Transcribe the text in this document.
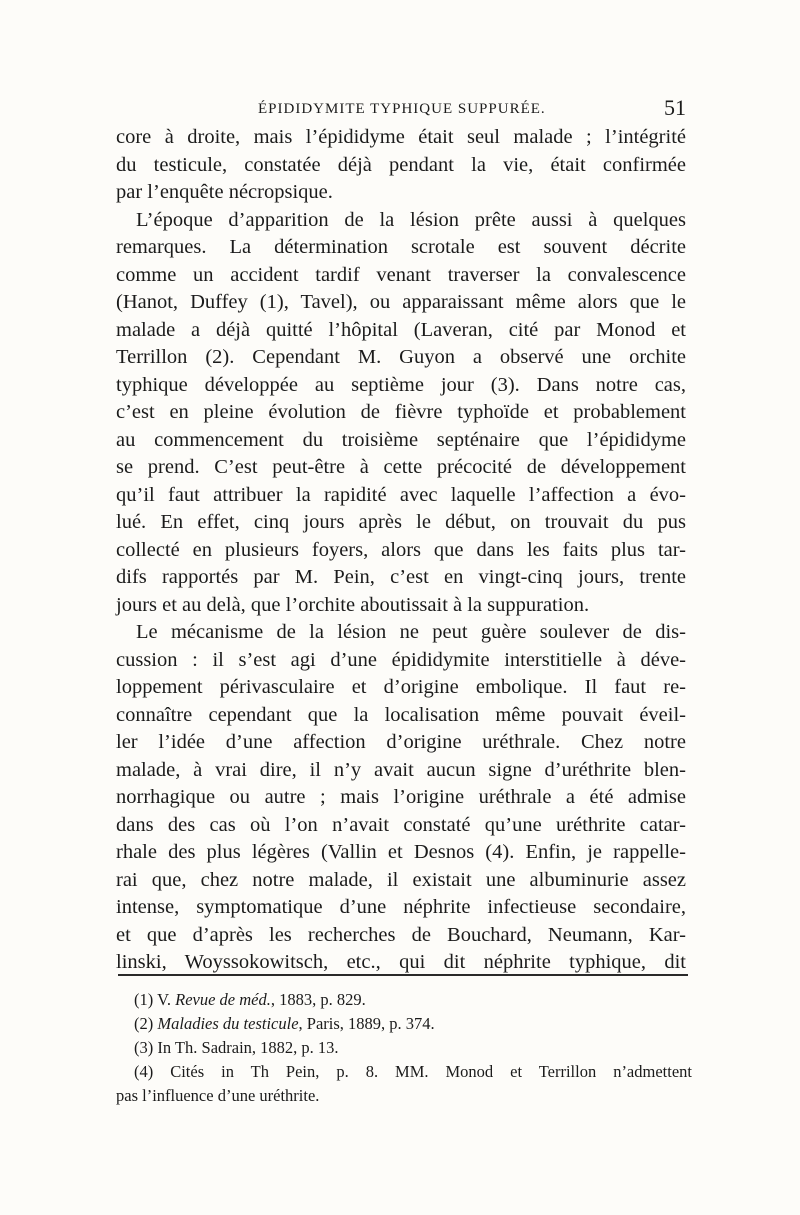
ÉPIDIDYMITE TYPHIQUE SUPPURÉE.	51
core à droite, mais l’épididyme était seul malade ; l’intégrité
du testicule, constatée déjà pendant la vie, était confirmée
par l’enquête nécropsique.
L’époque d’apparition de la lésion prête aussi à quelques
remarques. La détermination scrotale est souvent décrite
comme un accident tardif venant traverser la convalescence
(Hanot, Duffey (1), Tavel), ou apparaissant même alors que le
malade a déjà quitté l’hôpital (Laveran, cité par Monod et
Terrillon (2). Cependant M. Guyon a observé une orchite
typhique développée au septième jour (3). Dans notre cas,
c’est en pleine évolution de fièvre typhoïde et probablement
au commencement du troisième septénaire que l’épididyme
se prend. C’est peut-être à cette précocité de développement
qu’il faut attribuer la rapidité avec laquelle l’affection a évo-
lué. En effet, cinq jours après le début, on trouvait du pus
collecté en plusieurs foyers, alors que dans les faits plus tar-
difs rapportés par M. Pein, c’est en vingt-cinq jours, trente
jours et au delà, que l’orchite aboutissait à la suppuration.
Le mécanisme de la lésion ne peut guère soulever de dis-
cussion : il s’est agi d’une épididymite interstitielle à déve-
loppement périvasculaire et d’origine embolique. Il faut re-
connaître cependant que la localisation même pouvait éveil-
ler l’idée d’une affection d’origine uréthrale. Chez notre
malade, à vrai dire, il n’y avait aucun signe d’uréthrite blen-
norrhagique ou autre ; mais l’origine uréthrale a été admise
dans des cas où l’on n’avait constaté qu’une uréthrite catar-
rhale des plus légères (Vallin et Desnos (4). Enfin, je rappelle-
rai que, chez notre malade, il existait une albuminurie assez
intense, symptomatique d’une néphrite infectieuse secondaire,
et que d’après les recherches de Bouchard, Neumann, Kar-
linski, Woyssokowitsch, etc., qui dit néphrite typhique, dit
(1) V. Revue de méd., 1883, p. 829.
(2) Maladies du testicule, Paris, 1889, p. 374.
(3) In Th. Sadrain, 1882, p. 13.
(4) Cités in Th Pein, p. 8. MM. Monod et Terrillon n’admettent
pas l’influence d’une uréthrite.
